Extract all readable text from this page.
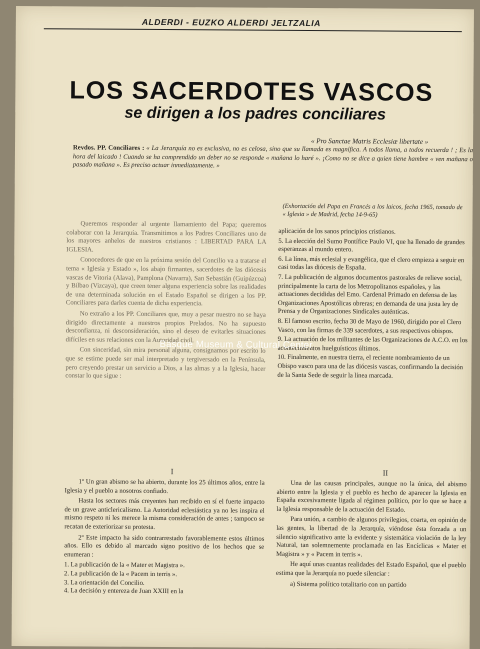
ALDERDI - EUZKO ALDERDI JELTZALIA
LOS SACERDOTES VASCOS
se dirigen a los padres conciliares
« Pro Sanctae Matris Ecclesiæ libertate »

Revdos. PP. Conciliares : « La Jerarquía no es exclusiva, no es celosa, sino que su llamada es magnífica. A todos llama, a todos recuerda ! ; Es la hora del laicado ! Cuando se ha comprendido un deber no se responde « mañana lo haré ». ¡Como no se dice a quien tiene hambre « ven mañana o pasado mañana ». Es preciso actuar inmediatamente. »

(Exhortación del Papa en Francés a los laicos, fecha 1965, tomado de « Iglesia » de Madrid, fecha 14-9-65)

Queremos responder al urgente llamamiento del Papa; queremos colaborar con la Jerarquía. Transmitimos a los Padres Conciliares uno de los mayores anhelos de nuestros cristianos : LIBERTAD PARA LA IGLESIA.

Conocedores de que en la próxima sesión del Concilio va a tratarse el tema « Iglesia y Estado », los abajo firmantes, sacerdotes de las diócesis vascas de Vitoria (Alava), Pamplona (Navarra), San Sebastián (Guipúzcoa) y Bilbao (Vizcaya), que creen tener alguna experiencia sobre las realidades de una determinada solución en el Estado Español se dirigen a los PP. Conciliares para darles cuenta de dicha experiencia.

No extraño a los PP. Conciliares que, muy a pesar nuestro no se haya dirigido directamente a nuestros propios Prelados. No ha supuesto desconfianza, ni desconsideración, sino el deseo de evitarles situaciones difíciles en sus relaciones con la Autoridad civil.

Con sinceridad, sin mira personal alguna, consignamos por escrito lo que se estime puede ser mal interpretado y tergiversado en la Península, pero creyendo prestar un servicio a Dios, a las almas y a la Iglesia, hacer constar lo que sigue :

aplicación de los sanos principios cristianos.
5. La elección del Sumo Pontífice Paulo VI, que ha llenado de grandes esperanzas al mundo entero.
6. La línea, más eclesial y evangélica, que el clero empieza a seguir en casi todas las diócesis de España.
7. La publicación de algunos documentos pastorales de relieve social, principalmente la carta de los Metropolitanos españoles, y las actuaciones decididas del Emo. Cardenal Primado en defensa de las Organizaciones Apostólicas obreras; en demanda de una justa ley de Prensa y de Organizaciones Sindicales auténticas.
8. El famoso escrito, fecha 30 de Mayo de 1960, dirigido por el Clero Vasco, con las firmas de 339 sacerdotes, a sus respectivos obispos.
9. La actuación de los militantes de las Organizaciones de A.C.O. en los acontecimientos huelguísticos últimos.
10. Finalmente, en nuestra tierra, el reciente nombramiento de un Obispo vasco para una de las diócesis vascas, confirmando la decisión de la Santa Sede de seguir la línea marcada.
I	II

1º Un gran abismo se ha abierto, durante los 25 últimos años, entre la Iglesia y el pueblo a nosotros confiado.

Hasta los sectores más creyentes han recibido en sí el fuerte impacto de un grave anticlericalismo. La Autoridad eclesiástica ya no les inspira el mismo respeto ni les merece la misma consideración de antes ; tampoco se recatan de exteriorizar su protesta.

2º Este impacto ha sido contrarrestado favorablemente estos últimos años. Ello es debido al marcado signo positivo de los hechos que se enumeran :

1. La publicación de la « Mater et Magistra ».
2. La publicación de la « Pacem in terris ».
3. La orientación del Concilio.
4. La decisión y entereza de Juan XXIII en la

Una de las causas principales, aunque no la única, del abismo abierto entre la Iglesia y el pueblo es hecho de aparecer la Iglesia en España excesivamente ligada al régimen político, por lo que se hace a la Iglesia responsable de la actuación del Estado.

Para unión, a cambio de algunos privilegios, coarta, en opinión de las gentes, la libertad de la Jerarquía, viéndose ésta forzada a un silencio significativo ante la evidente y sistemática violación de la ley Natural, tan solemnemente proclamada en las Encíclicas « Mater et Magistra » y « Pacem in terris ».

He aquí unas cuantas realidades del Estado Español, que el pueblo estima que la Jerarquía no puede silenciar :

a) Sistema político totalitario con un partido

Basque Museum & Cultural Center
